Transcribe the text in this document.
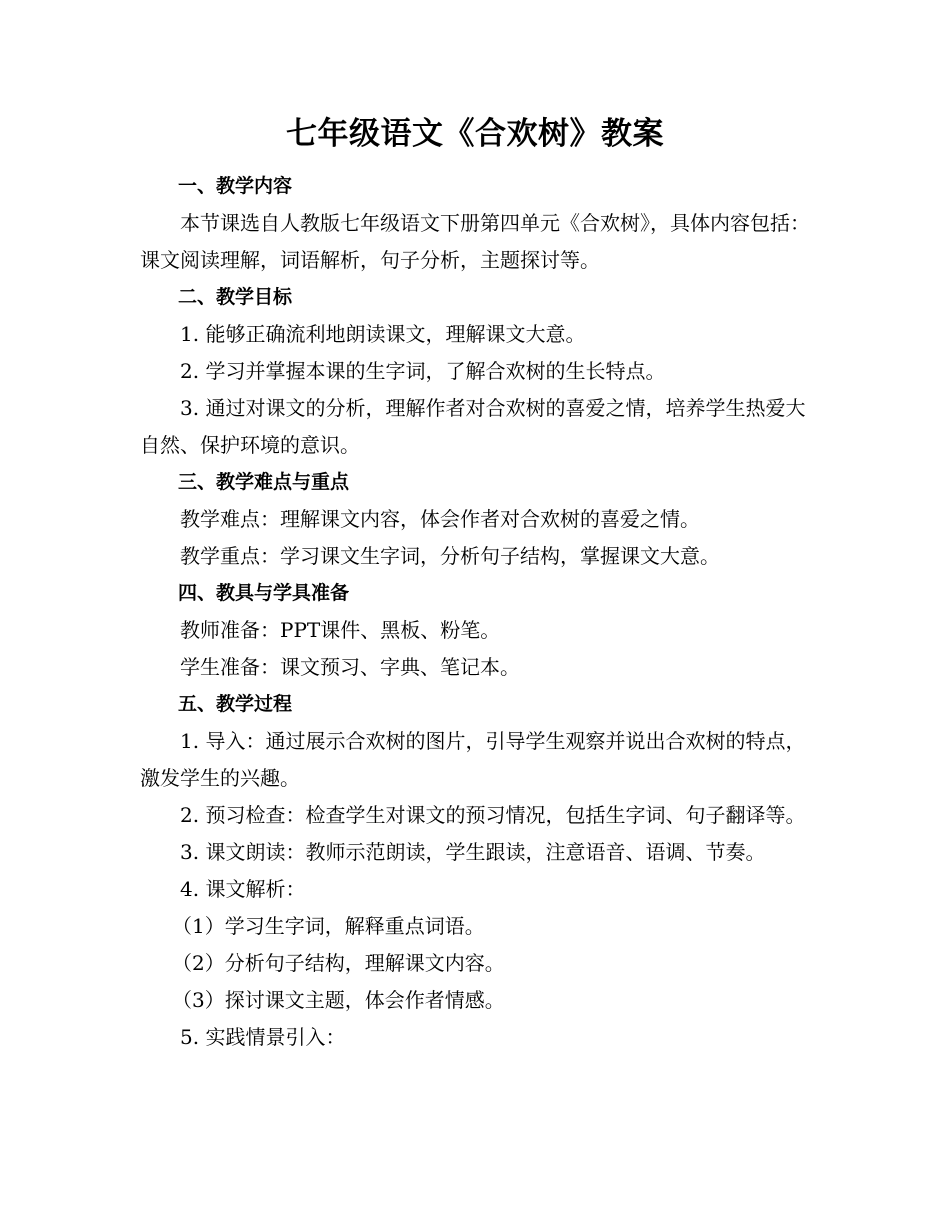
七年级语文《合欢树》教案

一、教学内容

本节课选自人教版七年级语文下册第四单元《合欢树》，具体内容包括：课文阅读理解，词语解析，句子分析，主题探讨等。

二、教学目标

1. 能够正确流利地朗读课文，理解课文大意。

2. 学习并掌握本课的生字词，了解合欢树的生长特点。

3. 通过对课文的分析，理解作者对合欢树的喜爱之情，培养学生热爱大自然、保护环境的意识。

三、教学难点与重点

教学难点：理解课文内容，体会作者对合欢树的喜爱之情。

教学重点：学习课文生字词，分析句子结构，掌握课文大意。

四、教具与学具准备

教师准备：PPT课件、黑板、粉笔。

学生准备：课文预习、字典、笔记本。

五、教学过程

1. 导入：通过展示合欢树的图片，引导学生观察并说出合欢树的特点，激发学生的兴趣。

2. 预习检查：检查学生对课文的预习情况，包括生字词、句子翻译等。

3. 课文朗读：教师示范朗读，学生跟读，注意语音、语调、节奏。

4. 课文解析：

（1）学习生字词，解释重点词语。

（2）分析句子结构，理解课文内容。

（3）探讨课文主题，体会作者情感。

5. 实践情景引入：
